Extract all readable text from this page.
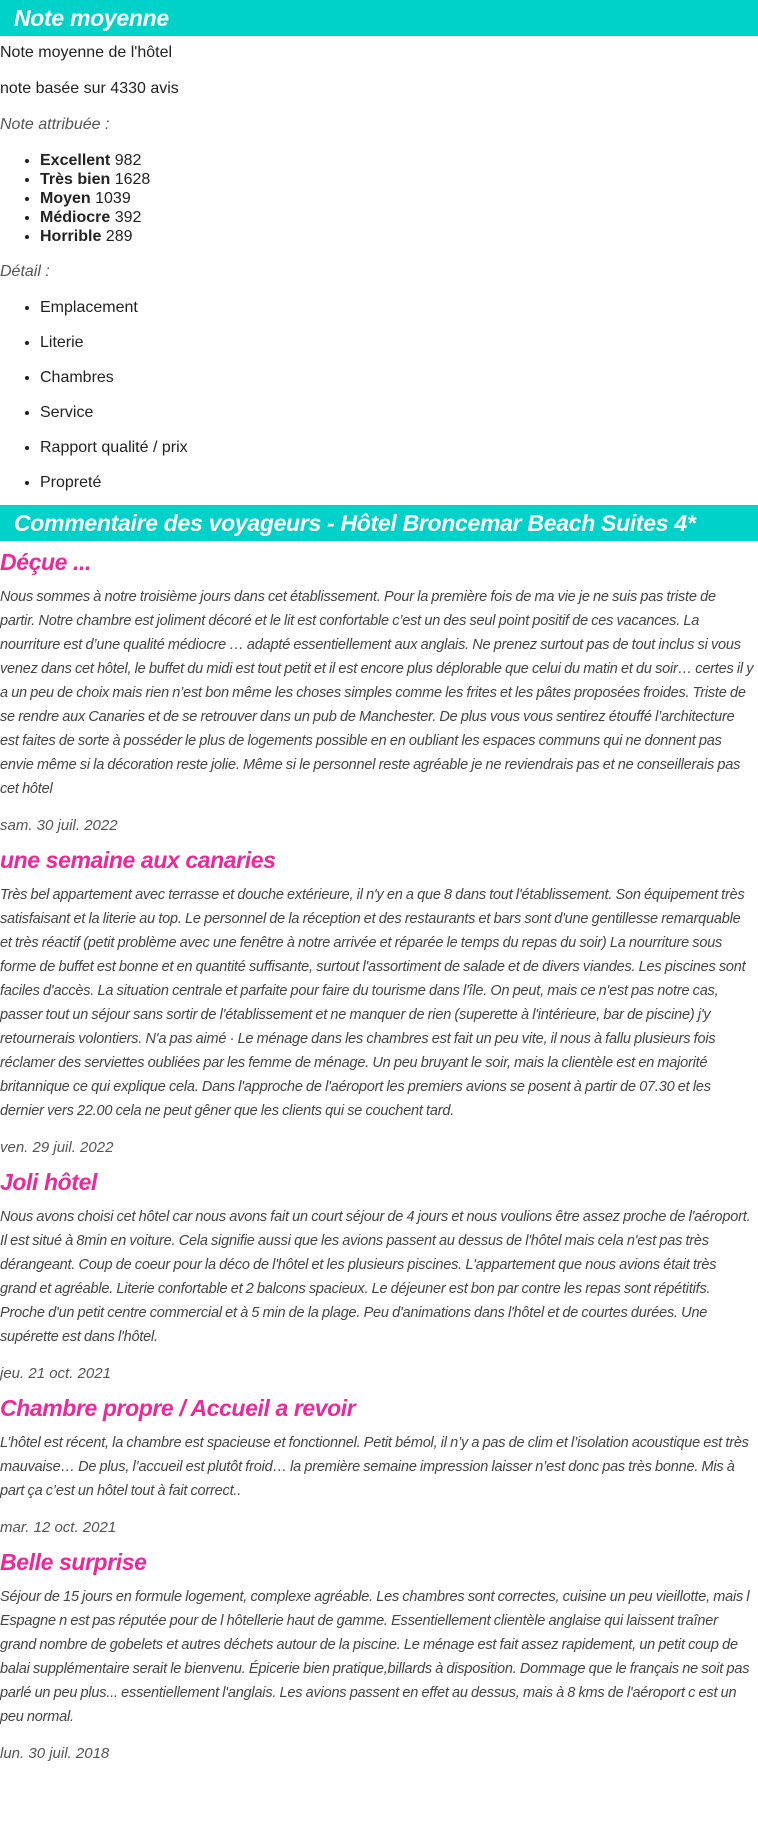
Note moyenne

Note moyenne de l'hôtel

note basée sur 4330 avis

Note attribuée :

• Excellent 982
• Très bien 1628
• Moyen 1039
• Médiocre 392
• Horrible 289

Détail :

• Emplacement
• Literie
• Chambres
• Service
• Rapport qualité / prix
• Propreté
Commentaire des voyageurs - Hôtel Broncemar Beach Suites 4*
Déçue ...

Nous sommes à notre troisième jours dans cet établissement. Pour la première fois de ma vie je ne suis pas triste de partir. Notre chambre est joliment décoré et le lit est confortable c’est un des seul point positif de ces vacances. La nourriture est d’une qualité médiocre … adapté essentiellement aux anglais. Ne prenez surtout pas de tout inclus si vous venez dans cet hôtel, le buffet du midi est tout petit et il est encore plus déplorable que celui du matin et du soir… certes il y a un peu de choix mais rien n’est bon même les choses simples comme les frites et les pâtes proposées froides. Triste de se rendre aux Canaries et de se retrouver dans un pub de Manchester. De plus vous vous sentirez étouffé l’architecture est faites de sorte à posséder le plus de logements possible en en oubliant les espaces communs qui ne donnent pas envie même si la décoration reste jolie. Même si le personnel reste agréable je ne reviendrais pas et ne conseillerais pas cet hôtel

sam. 30 juil. 2022

une semaine aux canaries

Très bel appartement avec terrasse et douche extérieure, il n'y en a que 8 dans tout l'établissement. Son équipement très satisfaisant et la literie au top. Le personnel de la réception et des restaurants et bars sont d'une gentillesse remarquable et très réactif (petit problème avec une fenêtre à notre arrivée et réparée le temps du repas du soir) La nourriture sous forme de buffet est bonne et en quantité suffisante, surtout l'assortiment de salade et de divers viandes. Les piscines sont faciles d'accès. La situation centrale et parfaite pour faire du tourisme dans l'île. On peut, mais ce n'est pas notre cas, passer tout un séjour sans sortir de l'établissement et ne manquer de rien (superette à l'intérieure, bar de piscine) j'y retournerais volontiers. N'a pas aimé · Le ménage dans les chambres est fait un peu vite, il nous à fallu plusieurs fois réclamer des serviettes oubliées par les femme de ménage. Un peu bruyant le soir, mais la clientèle est en majorité britannique ce qui explique cela. Dans l'approche de l'aéroport les premiers avions se posent à partir de 07.30 et les dernier vers 22.00 cela ne peut gêner que les clients qui se couchent tard.

ven. 29 juil. 2022

Joli hôtel

Nous avons choisi cet hôtel car nous avons fait un court séjour de 4 jours et nous voulions être assez proche de l'aéroport. Il est situé à 8min en voiture. Cela signifie aussi que les avions passent au dessus de l'hôtel mais cela n'est pas très dérangeant. Coup de coeur pour la déco de l'hôtel et les plusieurs piscines. L'appartement que nous avions était très grand et agréable. Literie confortable et 2 balcons spacieux. Le déjeuner est bon par contre les repas sont répétitifs. Proche d'un petit centre commercial et à 5 min de la plage. Peu d'animations dans l'hôtel et de courtes durées. Une supérette est dans l'hôtel.

jeu. 21 oct. 2021

Chambre propre / Accueil a revoir

L’hôtel est récent, la chambre est spacieuse et fonctionnel. Petit bémol, il n’y a pas de clim et l’isolation acoustique est très mauvaise… De plus, l’accueil est plutôt froid… la première semaine impression laisser n’est donc pas très bonne. Mis à part ça c’est un hôtel tout à fait correct..

mar. 12 oct. 2021

Belle surprise

Séjour de 15 jours en formule logement, complexe agréable. Les chambres sont correctes, cuisine un peu vieillotte, mais l Espagne n est pas réputée pour de l hôtellerie haut de gamme. Essentiellement clientèle anglaise qui laissent traîner grand nombre de gobelets et autres déchets autour de la piscine. Le ménage est fait assez rapidement, un petit coup de balai supplémentaire serait le bienvenu. Épicerie bien pratique,billards à disposition. Dommage que le français ne soit pas parlé un peu plus... essentiellement l'anglais. Les avions passent en effet au dessus, mais à 8 kms de l'aéroport c est un peu normal.

lun. 30 juil. 2018
